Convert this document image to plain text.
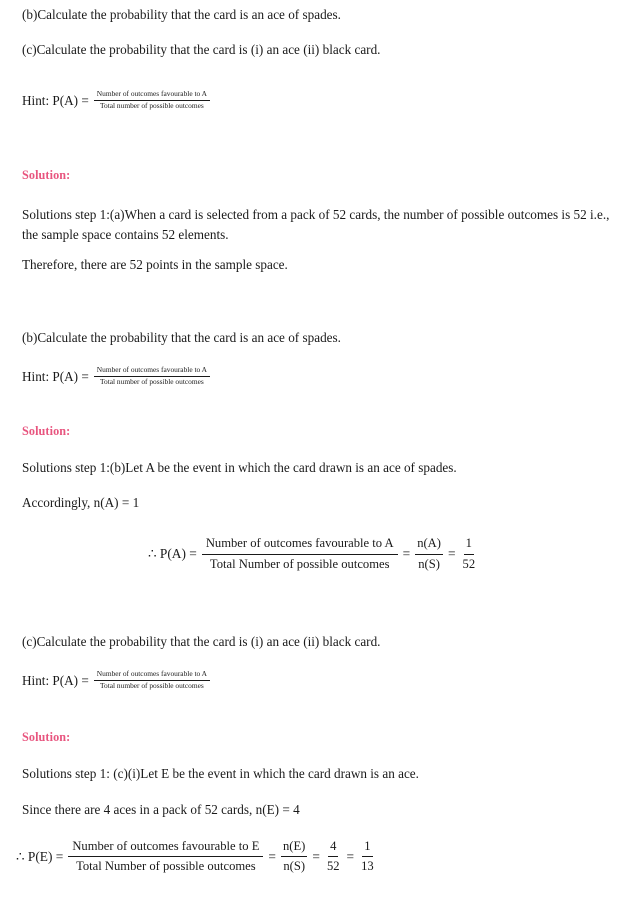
(b)Calculate the probability that the card is an ace of spades.

(c)Calculate the probability that the card is (i) an ace (ii) black card.

Hint: $P(A) = \frac{\text{Number of outcomes favourable to A}}{\text{Total number of possible outcomes}}$

Solution:

Solutions step 1:(a)When a card is selected from a pack of 52 cards, the number of possible outcomes is 52 i.e., the sample space contains 52 elements.

Therefore, there are 52 points in the sample space.

(b)Calculate the probability that the card is an ace of spades.

Hint: $P(A) = \frac{\text{Number of outcomes favourable to A}}{\text{Total number of possible outcomes}}$

Solution:

Solutions step 1:(b)Let A be the event in which the card drawn is an ace of spades.

Accordingly, n(A) = 1

∴ $P(A) = \frac{\text{Number of outcomes favourable to A}}{\text{Total Number of possible outcomes}} = \frac{n(A)}{n(S)} = \frac{1}{52}$

(c)Calculate the probability that the card is (i) an ace (ii) black card.

Hint: $P(A) = \frac{\text{Number of outcomes favourable to A}}{\text{Total number of possible outcomes}}$

Solution:

Solutions step 1: (c)(i)Let E be the event in which the card drawn is an ace.

Since there are 4 aces in a pack of 52 cards, n(E) = 4

∴ $P(E) = \frac{\text{Number of outcomes favourable to E}}{\text{Total Number of possible outcomes}} = \frac{n(E)}{n(S)} = \frac{4}{52} = \frac{1}{13}$
